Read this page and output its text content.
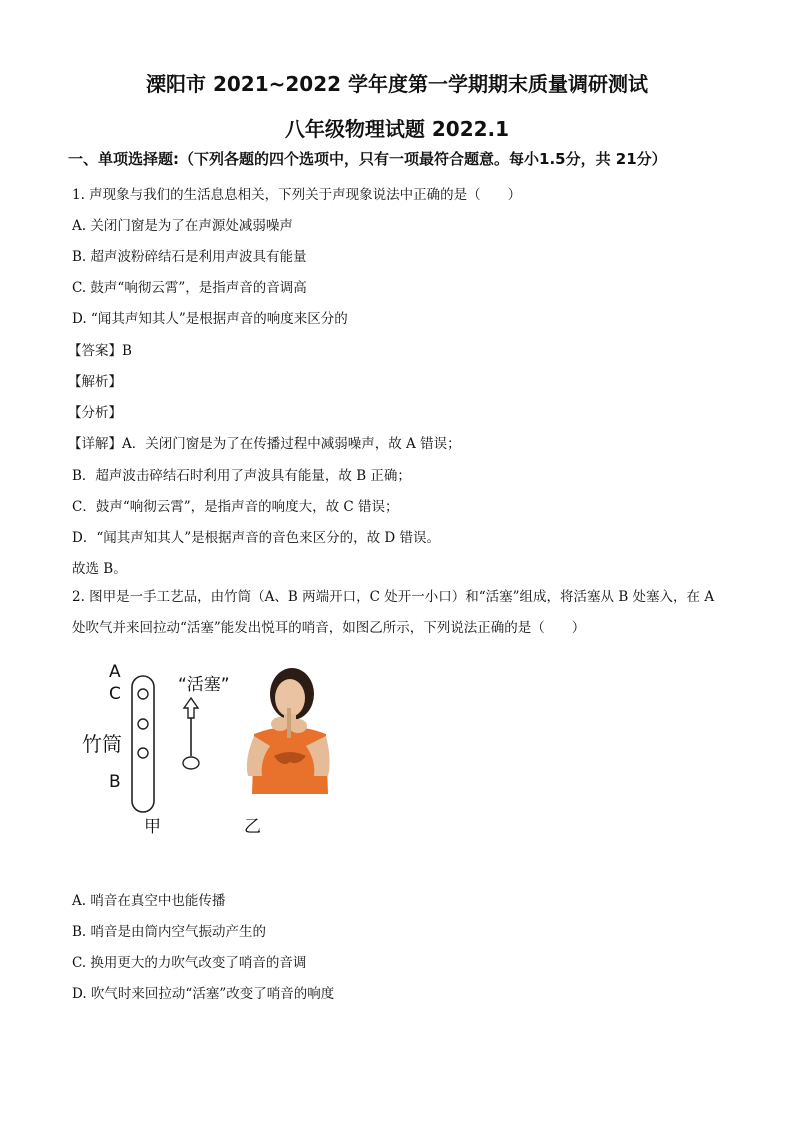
溧阳市 2021~2022 学年度第一学期期末质量调研测试
八年级物理试题 2022.1
一、单项选择题:（下列各题的四个选项中，只有一项最符合题意。每小1.5分，共 21分）
1. 声现象与我们的生活息息相关，下列关于声现象说法中正确的是（　　）
A. 关闭门窗是为了在声源处减弱噪声
B. 超声波粉碎结石是利用声波具有能量
C. 鼓声“响彻云霄”，是指声音的音调高
D. “闻其声知其人”是根据声音的响度来区分的
【答案】B
【解析】
【分析】
【详解】A．关闭门窗是为了在传播过程中减弱噪声，故 A 错误；
B．超声波击碎结石时利用了声波具有能量，故 B 正确；
C．鼓声“响彻云霄”，是指声音的响度大，故 C 错误；
D．“闻其声知其人”是根据声音的音色来区分的，故 D 错误。
故选 B。
2. 图甲是一手工艺品，由竹筒（A、B 两端开口，C 处开一小口）和“活塞”组成，将活塞从 B 处塞入，在 A 处吹气并来回拉动“活塞”能发出悦耳的哨音，如图乙所示，下列说法正确的是（　　）
A
C
竹筒
B
“活塞”
甲	乙
A. 哨音在真空中也能传播
B. 哨音是由筒内空气振动产生的
C. 换用更大的力吹气改变了哨音的音调
D. 吹气时来回拉动“活塞”改变了哨音的响度
